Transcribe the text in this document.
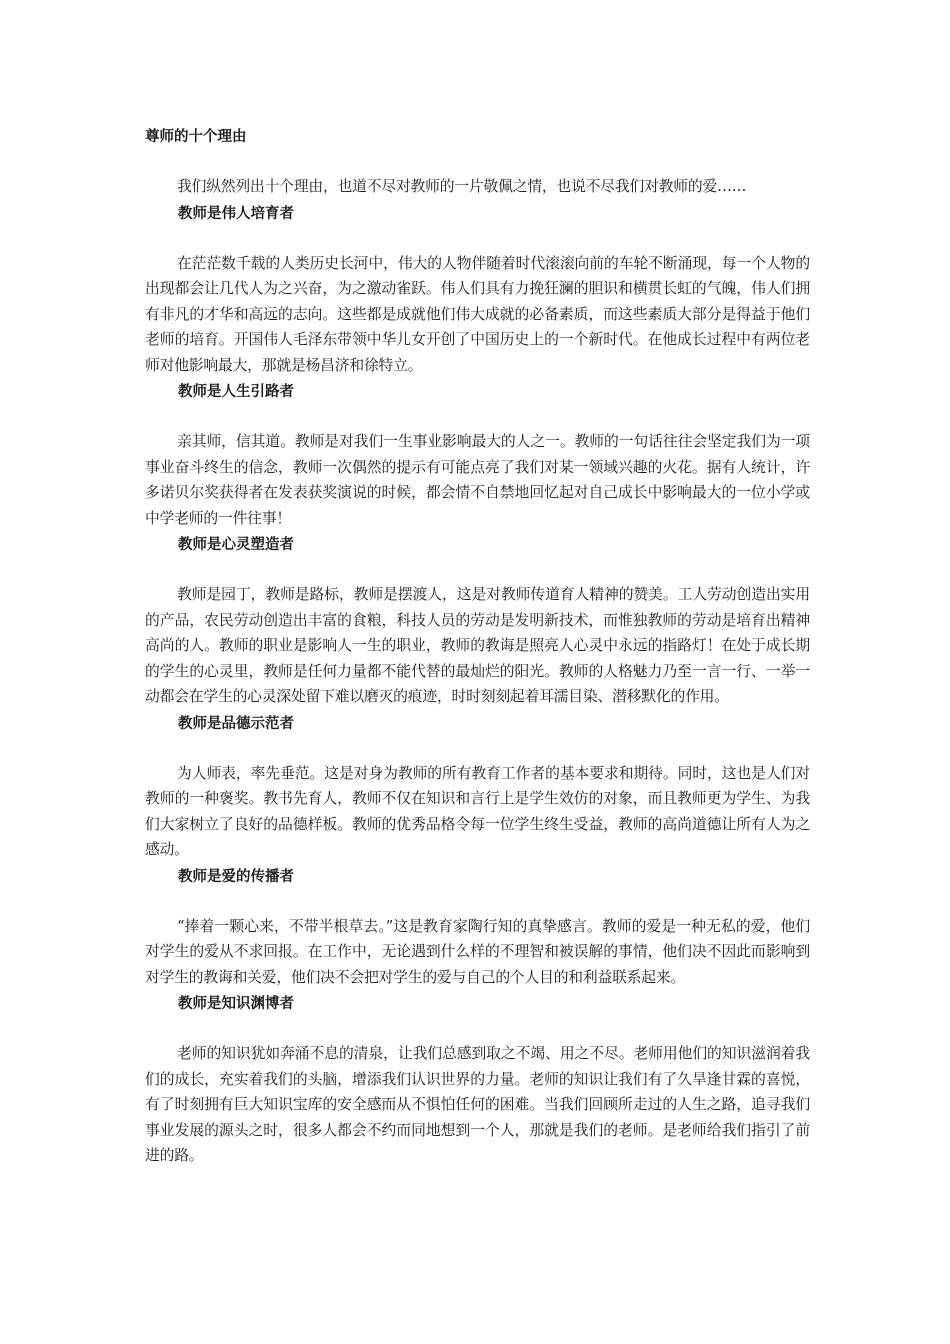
尊师的十个理由

我们纵然列出十个理由，也道不尽对教师的一片敬佩之情，也说不尽我们对教师的爱……

教师是伟人培育者

在茫茫数千载的人类历史长河中，伟大的人物伴随着时代滚滚向前的车轮不断涌现，每一个人物的出现都会让几代人为之兴奋，为之激动雀跃。伟人们具有力挽狂澜的胆识和横贯长虹的气魄，伟人们拥有非凡的才华和高远的志向。这些都是成就他们伟大成就的必备素质，而这些素质大部分是得益于他们老师的培育。开国伟人毛泽东带领中华儿女开创了中国历史上的一个新时代。在他成长过程中有两位老师对他影响最大，那就是杨昌济和徐特立。

教师是人生引路者

亲其师，信其道。教师是对我们一生事业影响最大的人之一。教师的一句话往往会坚定我们为一项事业奋斗终生的信念，教师一次偶然的提示有可能点亮了我们对某一领域兴趣的火花。据有人统计，许多诺贝尔奖获得者在发表获奖演说的时候，都会情不自禁地回忆起对自己成长中影响最大的一位小学或中学老师的一件往事！

教师是心灵塑造者

教师是园丁，教师是路标，教师是摆渡人，这是对教师传道育人精神的赞美。工人劳动创造出实用的产品，农民劳动创造出丰富的食粮，科技人员的劳动是发明新技术，而惟独教师的劳动是培育出精神高尚的人。教师的职业是影响人一生的职业，教师的教诲是照亮人心灵中永远的指路灯！在处于成长期的学生的心灵里，教师是任何力量都不能代替的最灿烂的阳光。教师的人格魅力乃至一言一行、一举一动都会在学生的心灵深处留下难以磨灭的痕迹，时时刻刻起着耳濡目染、潜移默化的作用。

教师是品德示范者

为人师表，率先垂范。这是对身为教师的所有教育工作者的基本要求和期待。同时，这也是人们对教师的一种褒奖。教书先育人，教师不仅在知识和言行上是学生效仿的对象，而且教师更为学生、为我们大家树立了良好的品德样板。教师的优秀品格令每一位学生终生受益，教师的高尚道德让所有人为之感动。

教师是爱的传播者

“捧着一颗心来，不带半根草去。”这是教育家陶行知的真挚感言。教师的爱是一种无私的爱，他们对学生的爱从不求回报。在工作中，无论遇到什么样的不理智和被误解的事情，他们决不因此而影响到对学生的教诲和关爱，他们决不会把对学生的爱与自己的个人目的和利益联系起来。

教师是知识渊博者

老师的知识犹如奔涌不息的清泉，让我们总感到取之不竭、用之不尽。老师用他们的知识滋润着我们的成长，充实着我们的头脑，增添我们认识世界的力量。老师的知识让我们有了久旱逢甘霖的喜悦，有了时刻拥有巨大知识宝库的安全感而从不惧怕任何的困难。当我们回顾所走过的人生之路，追寻我们事业发展的源头之时，很多人都会不约而同地想到一个人，那就是我们的老师。是老师给我们指引了前进的路。
